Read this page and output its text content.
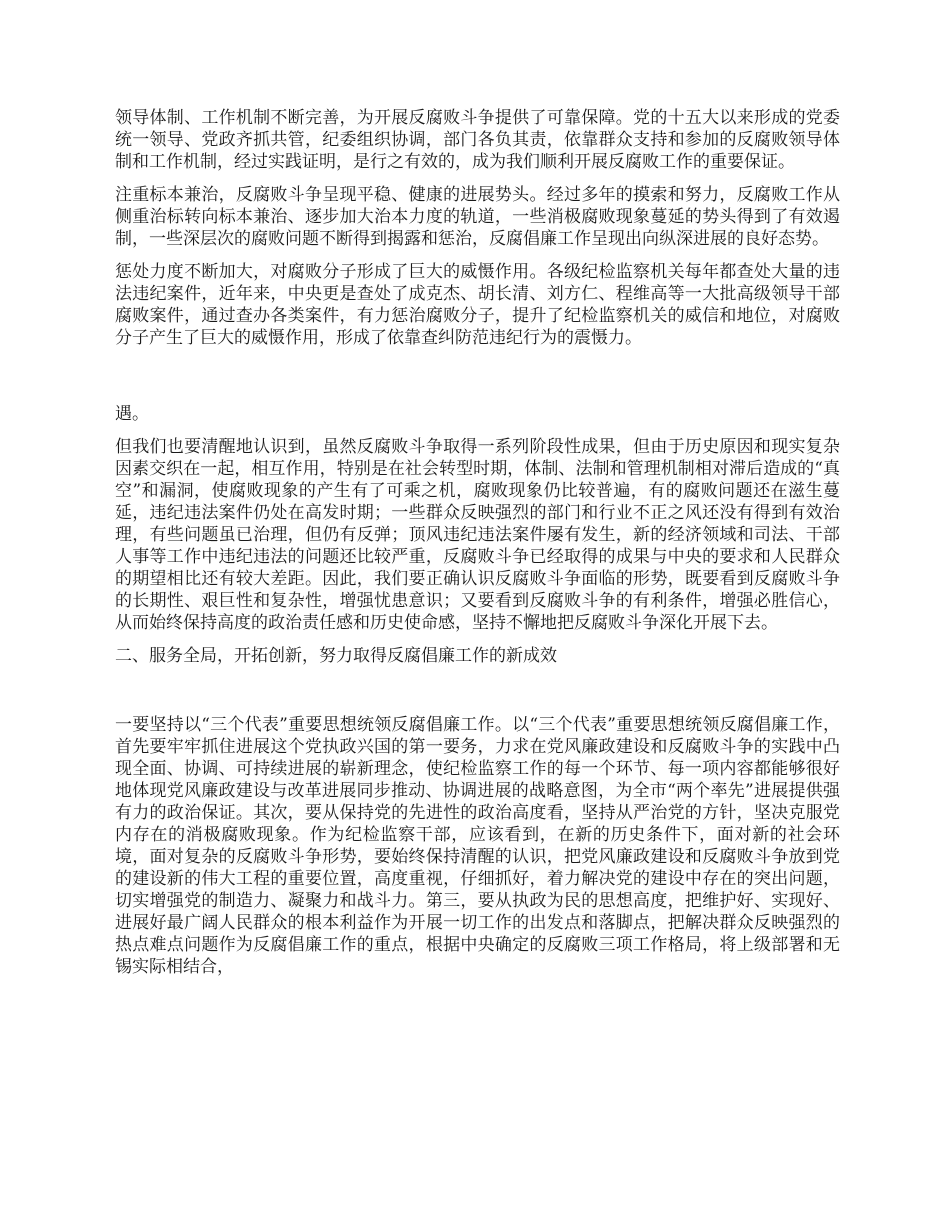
领导体制、工作机制不断完善，为开展反腐败斗争提供了可靠保障。党的十五大以来形成的党委统一领导、党政齐抓共管，纪委组织协调，部门各负其责，依靠群众支持和参加的反腐败领导体制和工作机制，经过实践证明，是行之有效的，成为我们顺利开展反腐败工作的重要保证。

注重标本兼治，反腐败斗争呈现平稳、健康的进展势头。经过多年的摸索和努力，反腐败工作从侧重治标转向标本兼治、逐步加大治本力度的轨道，一些消极腐败现象蔓延的势头得到了有效遏制，一些深层次的腐败问题不断得到揭露和惩治，反腐倡廉工作呈现出向纵深进展的良好态势。

惩处力度不断加大，对腐败分子形成了巨大的威慑作用。各级纪检监察机关每年都查处大量的违法违纪案件，近年来，中央更是查处了成克杰、胡长清、刘方仁、程维高等一大批高级领导干部腐败案件，通过查办各类案件，有力惩治腐败分子，提升了纪检监察机关的威信和地位，对腐败分子产生了巨大的威慑作用，形成了依靠查纠防范违纪行为的震慑力。

遇。

但我们也要清醒地认识到，虽然反腐败斗争取得一系列阶段性成果，但由于历史原因和现实复杂因素交织在一起，相互作用，特别是在社会转型时期，体制、法制和管理机制相对滞后造成的“真空”和漏洞，使腐败现象的产生有了可乘之机，腐败现象仍比较普遍，有的腐败问题还在滋生蔓延，违纪违法案件仍处在高发时期；一些群众反映强烈的部门和行业不正之风还没有得到有效治理，有些问题虽已治理，但仍有反弹；顶风违纪违法案件屡有发生，新的经济领域和司法、干部人事等工作中违纪违法的问题还比较严重，反腐败斗争已经取得的成果与中央的要求和人民群众的期望相比还有较大差距。因此，我们要正确认识反腐败斗争面临的形势，既要看到反腐败斗争的长期性、艰巨性和复杂性，增强忧患意识；又要看到反腐败斗争的有利条件，增强必胜信心，从而始终保持高度的政治责任感和历史使命感，坚持不懈地把反腐败斗争深化开展下去。

二、服务全局，开拓创新，努力取得反腐倡廉工作的新成效

一要坚持以“三个代表”重要思想统领反腐倡廉工作。以“三个代表”重要思想统领反腐倡廉工作，首先要牢牢抓住进展这个党执政兴国的第一要务，力求在党风廉政建设和反腐败斗争的实践中凸现全面、协调、可持续进展的崭新理念，使纪检监察工作的每一个环节、每一项内容都能够很好地体现党风廉政建设与改革进展同步推动、协调进展的战略意图，为全市“两个率先”进展提供强有力的政治保证。其次，要从保持党的先进性的政治高度看，坚持从严治党的方针，坚决克服党内存在的消极腐败现象。作为纪检监察干部，应该看到，在新的历史条件下，面对新的社会环境，面对复杂的反腐败斗争形势，要始终保持清醒的认识，把党风廉政建设和反腐败斗争放到党的建设新的伟大工程的重要位置，高度重视，仔细抓好，着力解决党的建设中存在的突出问题，切实增强党的制造力、凝聚力和战斗力。第三，要从执政为民的思想高度，把维护好、实现好、进展好最广阔人民群众的根本利益作为开展一切工作的出发点和落脚点，把解决群众反映强烈的热点难点问题作为反腐倡廉工作的重点，根据中央确定的反腐败三项工作格局，将上级部署和无锡实际相结合，
